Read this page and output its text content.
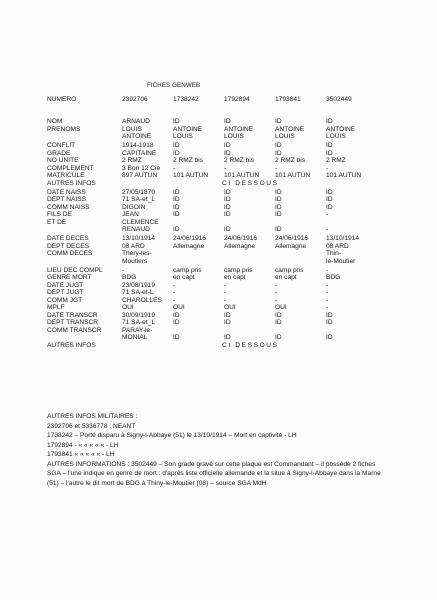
FICHES GENWEB
NUMERO	2392706	1738242	1792894	1793841	3502449

NOM	ARNAUD	ID	ID	ID	ID
PRENOMS	LOUIS	ANTOINE	ANTOINE	ANTOINE	ANTOINE
	ANTOINE	LOUIS	LOUIS	LOUIS	LOUIS

CONFLIT	1914-1918	ID	ID	ID	ID
GRADE	CAPITAINE	ID	ID	ID	ID
NO UNITE	2 RMZ	2 RMZ bis	2 RMZ bis	2 RMZ bis	2 RMZ
COMPLEMENT	3 Bon 12 Cie	-	-	-	-
MATRICULE	897 AUTUN	101 AUTUN	101 AUTUN	101 AUTUN	101 AUTUN
AUTRES INFOS	CI DESSOUS				

DATE NAISS	27/05/1870	ID	ID	ID	ID
DEPT NAISS	71 SA-et_L	ID	ID	ID	ID
COMM NAISS	DIGOIN	ID	ID	ID	ID
FILS DE	JEAN	ID	ID	ID	-
ET DE	CLEMENCE				
	RENAUD	ID	ID	ID	-

DATE DECES	13/10/1914	24/06/1916	24/06/1916	24/06/1916	13/10/1914
DEPT DECES	08 ARD	Allemagne	Allemagne	Allemagne	08 ARD
COMM DECES	Thery-les-				Thin-
	Moutiers				le-Moutier

LIEU DEC COMPL	-	camp pris	camp pris	camp pris	-
GENRE MORT	BDG	en capt	en capt	en capt	BDG
DATE JUGT	23/08/1919	-	-	-	-
DEPT JUGT	71 SA-et-L	-	-	-	-
COMM JGT	CHAROLLES	-	-	-	-
MPLF	OUI	OUI	OUI	OUI	-
DATE TRANSCR	30/09/1919	ID	ID	ID	ID
DEPT TRANSCR	71 SA-et_L	ID	ID	ID	ID
COMM TRANSCR	PARAY-le-				
	MONIAL	ID	ID	ID	ID
AUTRES INFOS	CI DESSOUS				
AUTRES INFOS MILITAIRES :
2392706 et 5336778 : NEANT
1738242 – Porté disparu à Signy-l-Abbaye (51) le 13/10/1914 – Mort en captivité - LH
1792894 - « « « « « - LH
1793841 « « « « « - LH
AUTRES INFORMATIONS : 3502449 – Son grade gravé sur cette plaque est Commandant – il possède 2 fiches SGA – l'une indique en genre de mort : d'après liste officielle allemande et la situe à Signy-l-Abbaye dans la Marne (51) – l'autre le dit mort de BDG à Thiny-le-Moutier (08) – source SGA MdH
